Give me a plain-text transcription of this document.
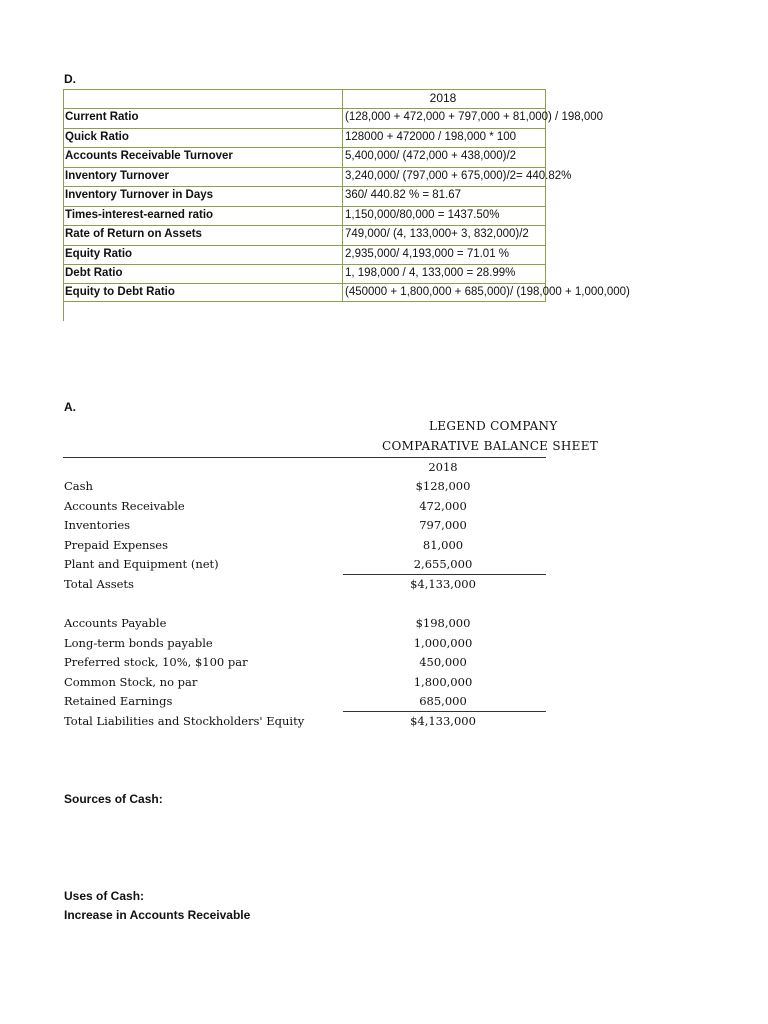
D.
2018
Current Ratio	(128,000 + 472,000 + 797,000 + 81,000) / 198,000
Quick Ratio	128000 + 472000 / 198,000 * 100
Accounts Receivable Turnover	5,400,000/ (472,000 + 438,000)/2
Inventory Turnover	3,240,000/ (797,000 + 675,000)/2= 440.82%
Inventory Turnover in Days	360/ 440.82 % = 81.67
Times-interest-earned ratio	1,150,000/80,000 = 1437.50%
Rate of Return on Assets	749,000/ (4, 133,000+ 3, 832,000)/2
Equity Ratio	2,935,000/ 4,193,000 = 71.01 %
Debt Ratio	1, 198,000 / 4, 133,000 = 28.99%
Equity to Debt Ratio	(450000 + 1,800,000 + 685,000)/ (198,000 + 1,000,000)
A.
LEGEND COMPANY
COMPARATIVE BALANCE SHEET
2018
Cash	$128,000
Accounts Receivable	472,000
Inventories	797,000
Prepaid Expenses	81,000
Plant and Equipment (net)	2,655,000
Total Assets	$4,133,000
Accounts Payable	$198,000
Long-term bonds payable	1,000,000
Preferred stock, 10%, $100 par	450,000
Common Stock, no par	1,800,000
Retained Earnings	685,000
Total Liabilities and Stockholders' Equity	$4,133,000
Sources of Cash:
Uses of Cash:
Increase in Accounts Receivable
